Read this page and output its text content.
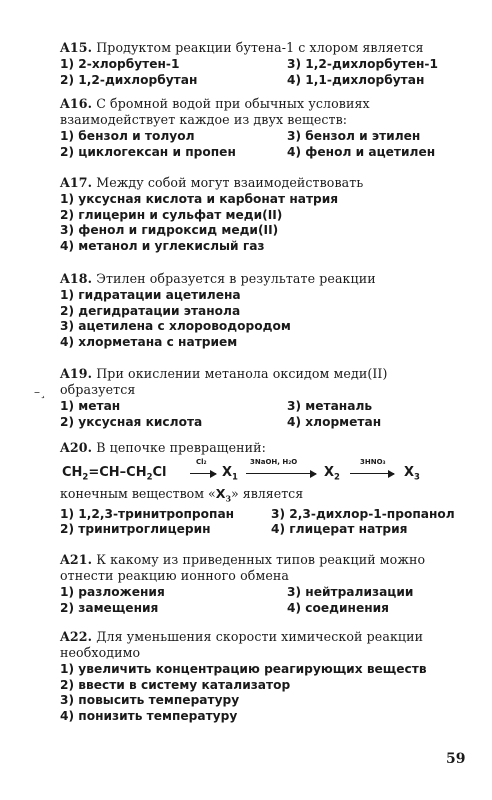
A15. Продуктом реакции бутена-1 с хлором является
1) 2-хлорбутен-1	3) 1,2-дихлорбутен-1
2) 1,2-дихлорбутан	4) 1,1-дихлорбутан
A16. С бромной водой при обычных условиях взаимодействует каждое из двух веществ:
1) бензол и толуол	3) бензол и этилен
2) циклогексан и пропен	4) фенол и ацетилен
A17. Между собой могут взаимодействовать
1) уксусная кислота и карбонат натрия
2) глицерин и сульфат меди(II)
3) фенол и гидроксид меди(II)
4) метанол и углекислый газ
A18. Этилен образуется в результате реакции
1) гидратации ацетилена
2) дегидратации этанола
3) ацетилена с хлороводородом
4) хлорметана с натрием
–¸
A19. При окислении метанола оксидом меди(II) образуется
1) метан	3) метаналь
2) уксусная кислота	4) хлорметан
A20. В цепочке превращений:
$CH_2=CH-CH_2Cl$
Cl₂
→ $X_1$
3NaOH, H₂O
$X_2$
3HNO₃
→ $X_3$
конечным веществом «$X_3$» является
1) 1,2,3-тринитропропан	3) 2,3-дихлор-1-пропанол
2) тринитроглицерин	4) глицерат натрия
A21. К какому из приведенных типов реакций можно отнести реакцию ионного обмена
1) разложения	3) нейтрализации
2) замещения	4) соединения
A22. Для уменьшения скорости химической реакции необходимо
1) увеличить концентрацию реагирующих веществ
2) ввести в систему катализатор
3) повысить температуру
4) понизить температуру
59
